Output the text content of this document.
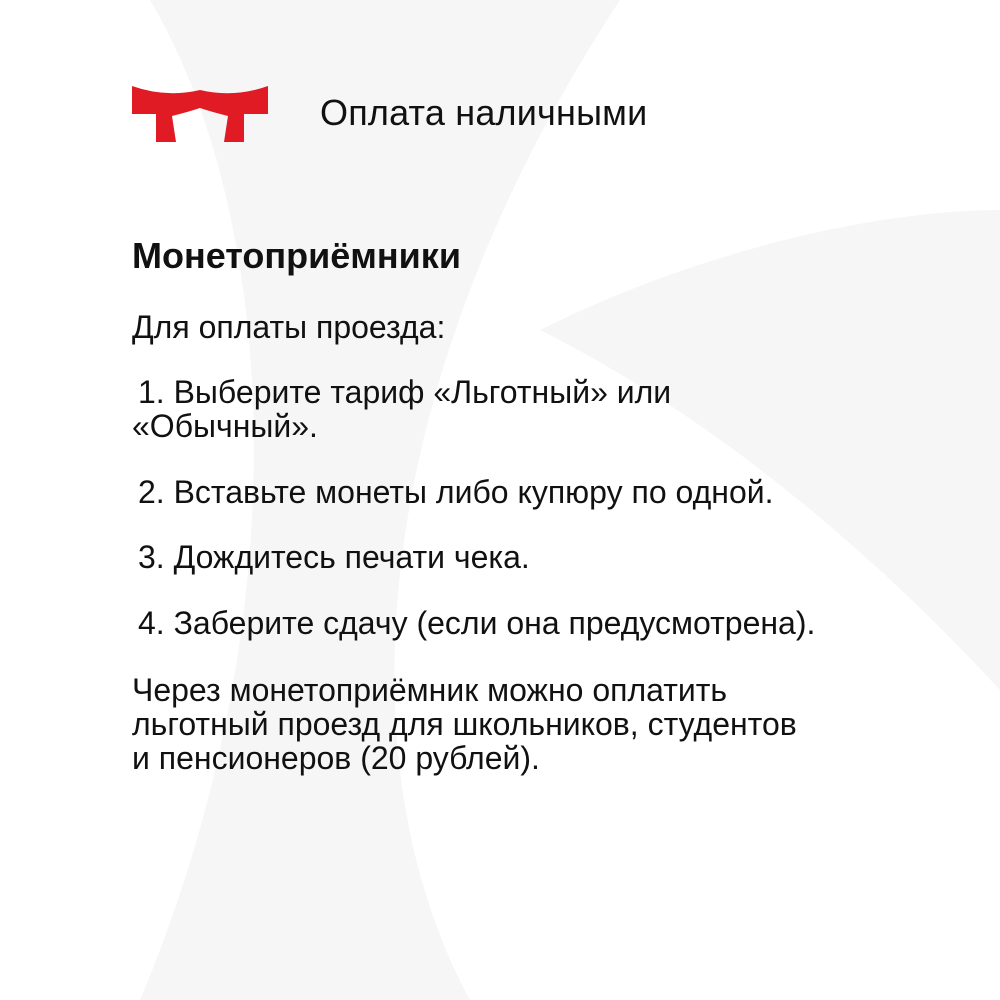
Оплата наличными
Монетоприёмники
Для оплаты проезда:
1. Выберите тариф «Льготный» или
«Обычный».
2. Вставьте монеты либо купюру по одной.
3. Дождитесь печати чека.
4. Заберите сдачу (если она предусмотрена).
Через монетоприёмник можно оплатить
льготный проезд для школьников, студентов
и пенсионеров (20 рублей).
